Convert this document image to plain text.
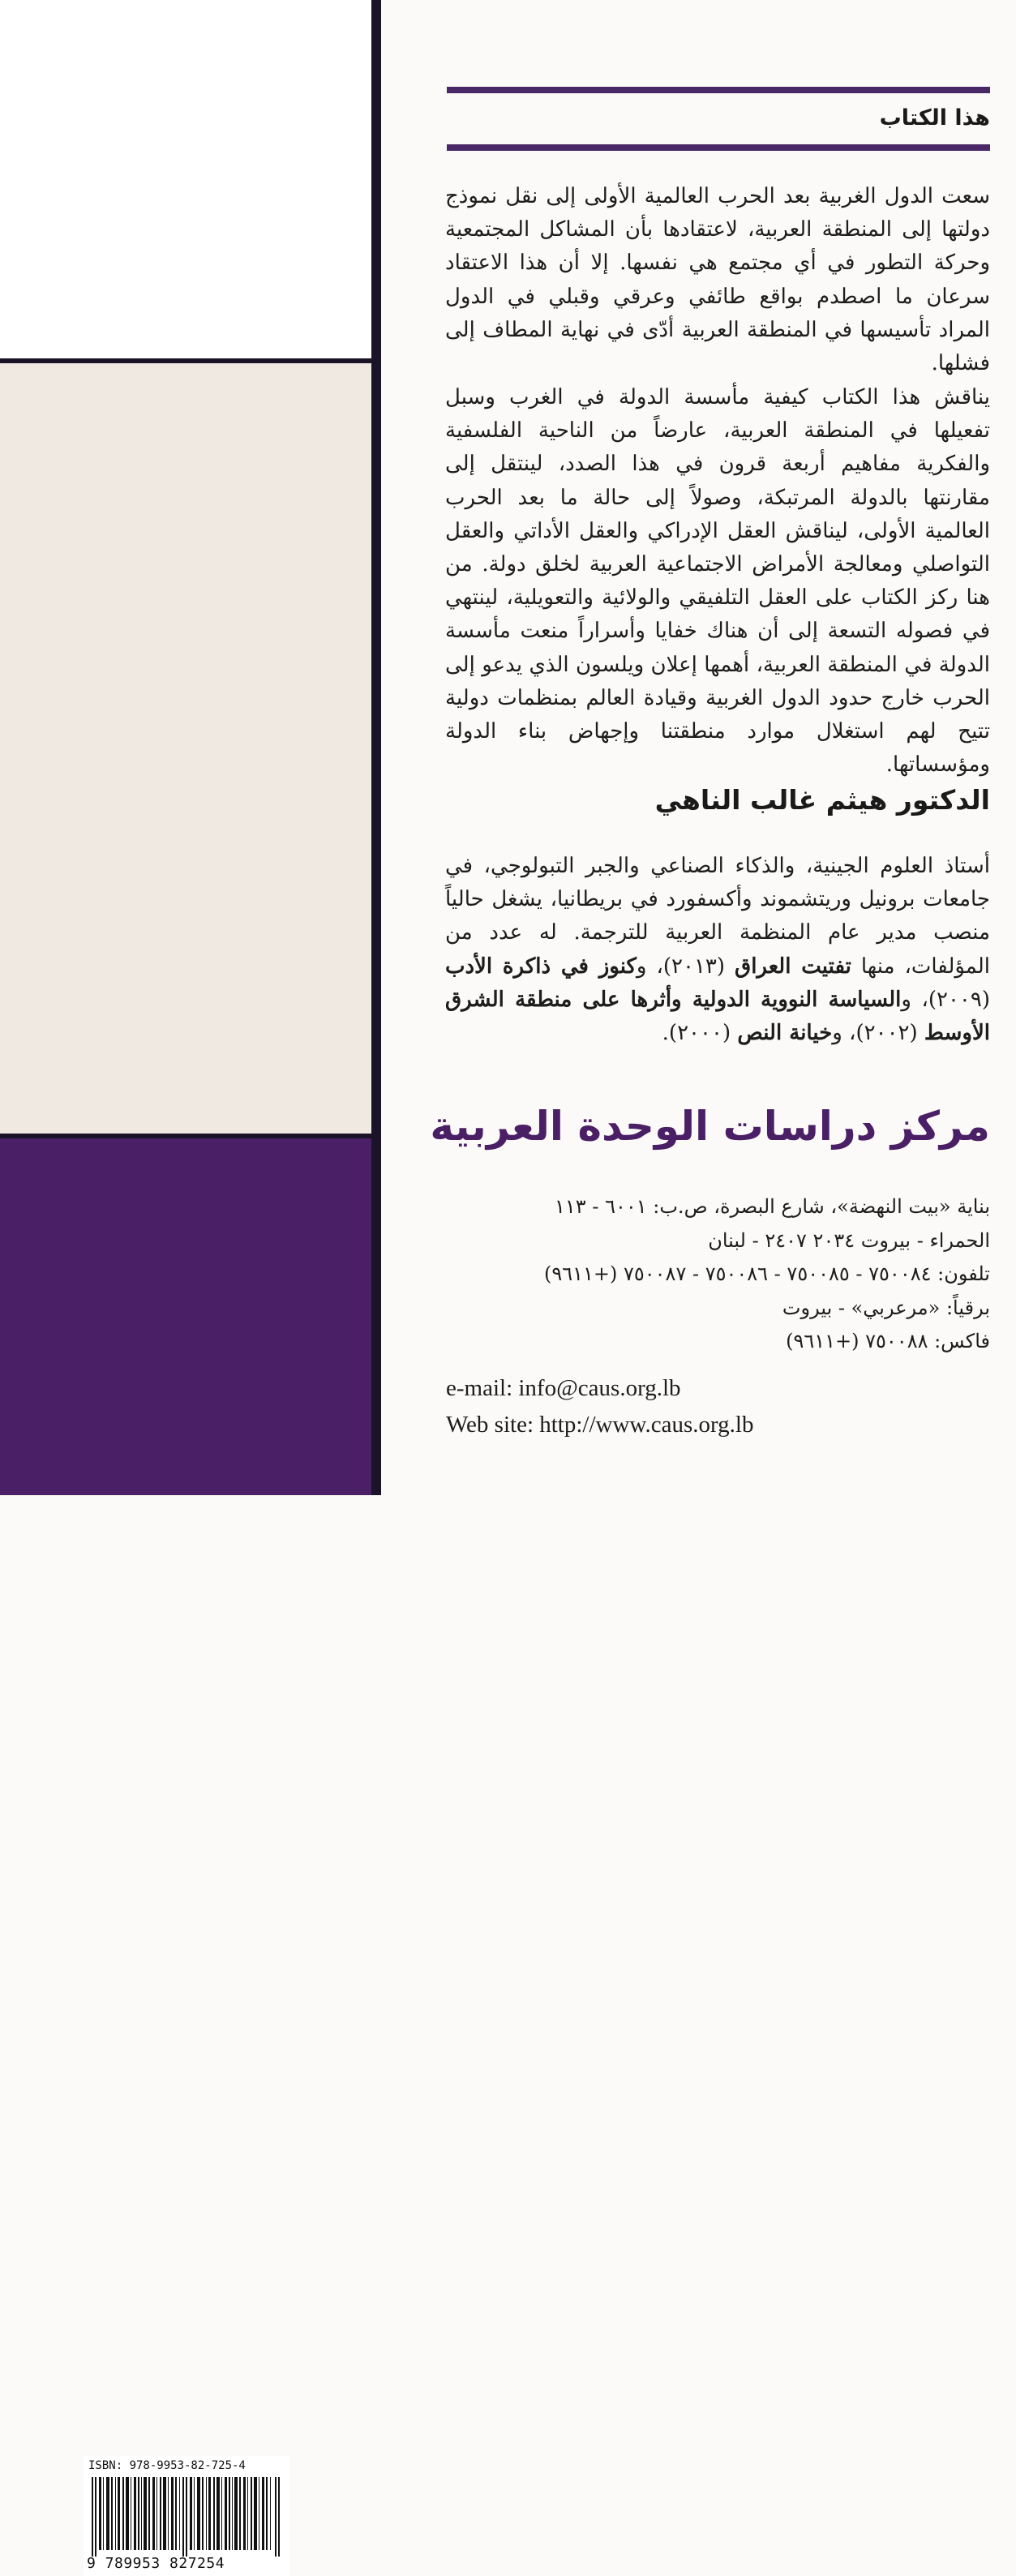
ISBN: 978-9953-82-725-4
9 789953 827254
هذا الكتاب
سعت الدول الغربية بعد الحرب العالمية الأولى إلى نقل نموذج دولتها إلى المنطقة العربية، لاعتقادها بأن المشاكل المجتمعية وحركة التطور في أي مجتمع هي نفسها. إلا أن هذا الاعتقاد سرعان ما اصطدم بواقع طائفي وعرقي وقبلي في الدول المراد تأسيسها في المنطقة العربية أدّى في نهاية المطاف إلى فشلها.
يناقش هذا الكتاب كيفية مأسسة الدولة في الغرب وسبل تفعيلها في المنطقة العربية، عارضاً من الناحية الفلسفية والفكرية مفاهيم أربعة قرون في هذا الصدد، لينتقل إلى مقارنتها بالدولة المرتبكة، وصولاً إلى حالة ما بعد الحرب العالمية الأولى، ليناقش العقل الإدراكي والعقل الأداتي والعقل التواصلي ومعالجة الأمراض الاجتماعية العربية لخلق دولة. من هنا ركز الكتاب على العقل التلفيقي والولائية والتعويلية، لينتهي في فصوله التسعة إلى أن هناك خفايا وأسراراً منعت مأسسة الدولة في المنطقة العربية، أهمها إعلان ويلسون الذي يدعو إلى الحرب خارج حدود الدول الغربية وقيادة العالم بمنظمات دولية تتيح لهم استغلال موارد منطقتنا وإجهاض بناء الدولة ومؤسساتها.
الدكتور هيثم غالب الناهي
أستاذ العلوم الجينية، والذكاء الصناعي والجبر التبولوجي، في جامعات برونيل وريتشموند وأكسفورد في بريطانيا، يشغل حالياً منصب مدير عام المنظمة العربية للترجمة. له عدد من المؤلفات، منها تفتيت العراق (٢٠١٣)، وكنوز في ذاكرة الأدب (٢٠٠٩)، والسياسة النووية الدولية وأثرها على منطقة الشرق الأوسط (٢٠٠٢)، وخيانة النص (٢٠٠٠).
مركز دراسات الوحدة العربية
بناية «بيت النهضة»، شارع البصرة، ص.ب: ٦٠٠١ - ١١٣
الحمراء - بيروت ٢٠٣٤ ٢٤٠٧ - لبنان
تلفون: ٧٥٠٠٨٤ - ٧٥٠٠٨٥ - ٧٥٠٠٨٦ - ٧٥٠٠٨٧ (+٩٦١١)
برقياً: «مرعربي» - بيروت
فاكس: ٧٥٠٠٨٨ (+٩٦١١)
e-mail: info@caus.org.lb
Web site: http://www.caus.org.lb
